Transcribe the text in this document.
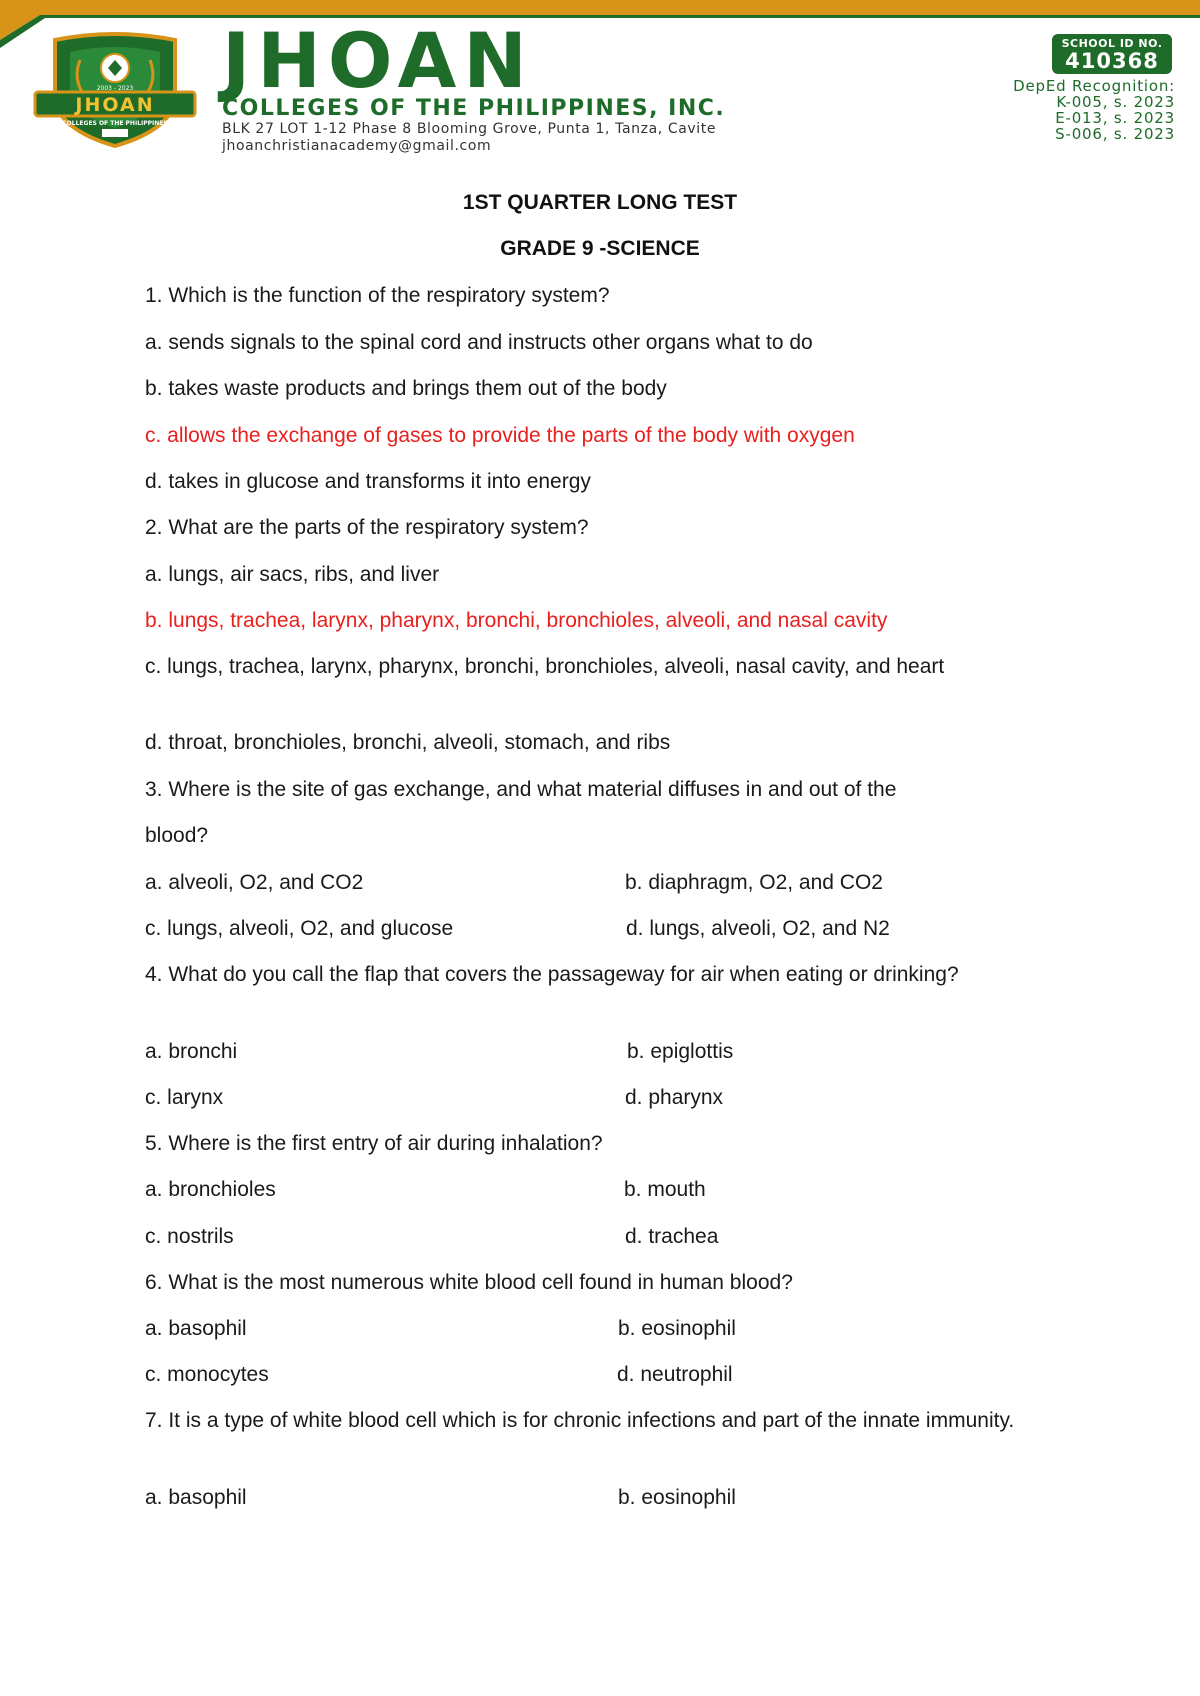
2003 - 2023
JHOAN
COLLEGES OF THE PHILIPPINES
JHOAN
COLLEGES OF THE PHILIPPINES, INC.
BLK 27 LOT 1-12 Phase 8 Blooming Grove, Punta 1, Tanza, Cavite
jhoanchristianacademy@gmail.com
SCHOOL ID NO.
410368
DepEd Recognition:
K-005, s. 2023
E-013, s. 2023
S-006, s. 2023
1ST QUARTER LONG TEST
GRADE 9 -SCIENCE
1. Which is the function of the respiratory system?
a. sends signals to the spinal cord and instructs other organs what to do
b. takes waste products and brings them out of the body
c. allows the exchange of gases to provide the parts of the body with oxygen
d. takes in glucose and transforms it into energy
2. What are the parts of the respiratory system?
a. lungs, air sacs, ribs, and liver
b. lungs, trachea, larynx, pharynx, bronchi, bronchioles, alveoli, and nasal cavity
c. lungs, trachea, larynx, pharynx, bronchi, bronchioles, alveoli, nasal cavity, and heart
d. throat, bronchioles, bronchi, alveoli, stomach, and ribs
3. Where is the site of gas exchange, and what material diffuses in and out of the
blood?
a. alveoli, O2, and CO2	b. diaphragm, O2, and CO2
c. lungs, alveoli, O2, and glucose	d. lungs, alveoli, O2, and N2
4. What do you call the flap that covers the passageway for air when eating or drinking?
a. bronchi	b. epiglottis
c. larynx	d. pharynx
5. Where is the first entry of air during inhalation?
a. bronchioles	b. mouth
c. nostrils	d. trachea
6. What is the most numerous white blood cell found in human blood?
a. basophil	b. eosinophil
c. monocytes	d. neutrophil
7. It is a type of white blood cell which is for chronic infections and part of the innate immunity.
a. basophil	b. eosinophil
